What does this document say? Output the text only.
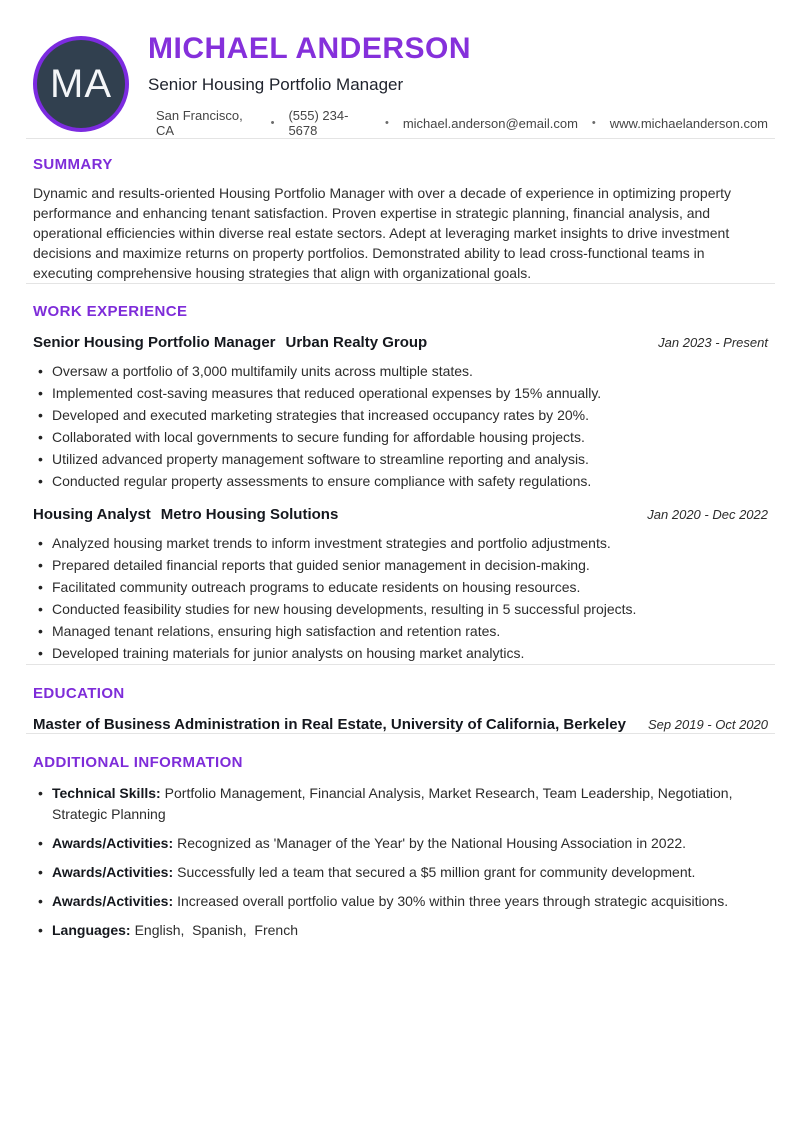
MA
MICHAEL ANDERSON
Senior Housing Portfolio Manager
San Francisco, CA	• (555) 234-5678	• michael.anderson@email.com • www.michaelanderson.com
SUMMARY

Dynamic and results-oriented Housing Portfolio Manager with over a decade of experience in optimizing property performance and enhancing tenant satisfaction. Proven expertise in strategic planning, financial analysis, and operational efficiencies within diverse real estate sectors. Adept at leveraging market insights to drive investment decisions and maximize returns on property portfolios. Demonstrated ability to lead cross-functional teams in executing comprehensive housing strategies that align with organizational goals.

WORK EXPERIENCE
Senior Housing Portfolio Manager Urban Realty Group	Jan 2023 - Present
• Oversaw a portfolio of 3,000 multifamily units across multiple states.
• Implemented cost-saving measures that reduced operational expenses by 15% annually.
• Developed and executed marketing strategies that increased occupancy rates by 20%.
• Collaborated with local governments to secure funding for affordable housing projects.
• Utilized advanced property management software to streamline reporting and analysis.
• Conducted regular property assessments to ensure compliance with safety regulations.
Housing Analyst Metro Housing Solutions	Jan 2020 - Dec 2022
• Analyzed housing market trends to inform investment strategies and portfolio adjustments.
• Prepared detailed financial reports that guided senior management in decision-making.
• Facilitated community outreach programs to educate residents on housing resources.
• Conducted feasibility studies for new housing developments, resulting in 5 successful projects.
• Managed tenant relations, ensuring high satisfaction and retention rates.
• Developed training materials for junior analysts on housing market analytics.
EDUCATION
Master of Business Administration in Real Estate, University of California, Berkeley Sep 2019 - Oct 2020
ADDITIONAL INFORMATION
• Technical Skills: Portfolio Management, Financial Analysis, Market Research, Team Leadership, Negotiation, Strategic Planning
• Awards/Activities: Recognized as 'Manager of the Year' by the National Housing Association in 2022.
• Awards/Activities: Successfully led a team that secured a $5 million grant for community development.
• Awards/Activities: Increased overall portfolio value by 30% within three years through strategic acquisitions.
• Languages: English,  Spanish,  French
